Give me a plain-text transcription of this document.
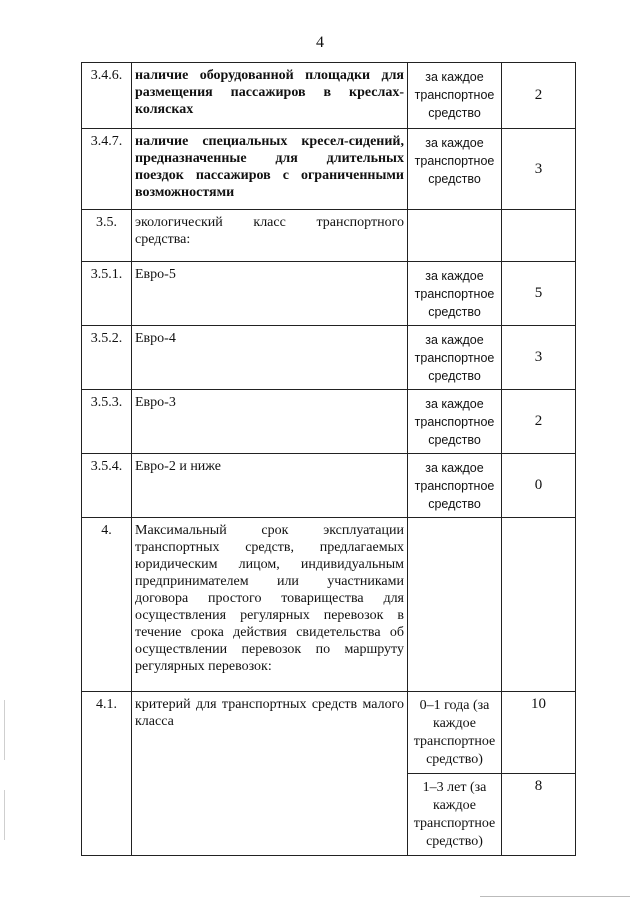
4
3.4.6.	наличие оборудованной площадки для размещения пассажиров в креслах-колясках	за каждое транспортное средство	2
3.4.7.	наличие специальных кресел-сидений, предназначенные для длительных поездок пассажиров с ограниченными возможностями	за каждое транспортное средство	3
3.5.	экологический класс транспортного средства:		
3.5.1.	Евро-5	за каждое транспортное средство	5
3.5.2.	Евро-4	за каждое транспортное средство	3
3.5.3.	Евро-3	за каждое транспортное средство	2
3.5.4.	Евро-2 и ниже	за каждое транспортное средство	0
4.	Максимальный срок эксплуатации транспортных средств, предлагаемых юридическим лицом, индивидуальным предпринимателем или участниками договора простого товарищества для осуществления регулярных перевозок в течение срока действия свидетельства об осуществлении перевозок по маршруту регулярных перевозок:		
4.1.	критерий для транспортных средств малого класса	0–1 года (за каждое транспортное средство)	10
		1–3 лет (за каждое транспортное средство)	8
